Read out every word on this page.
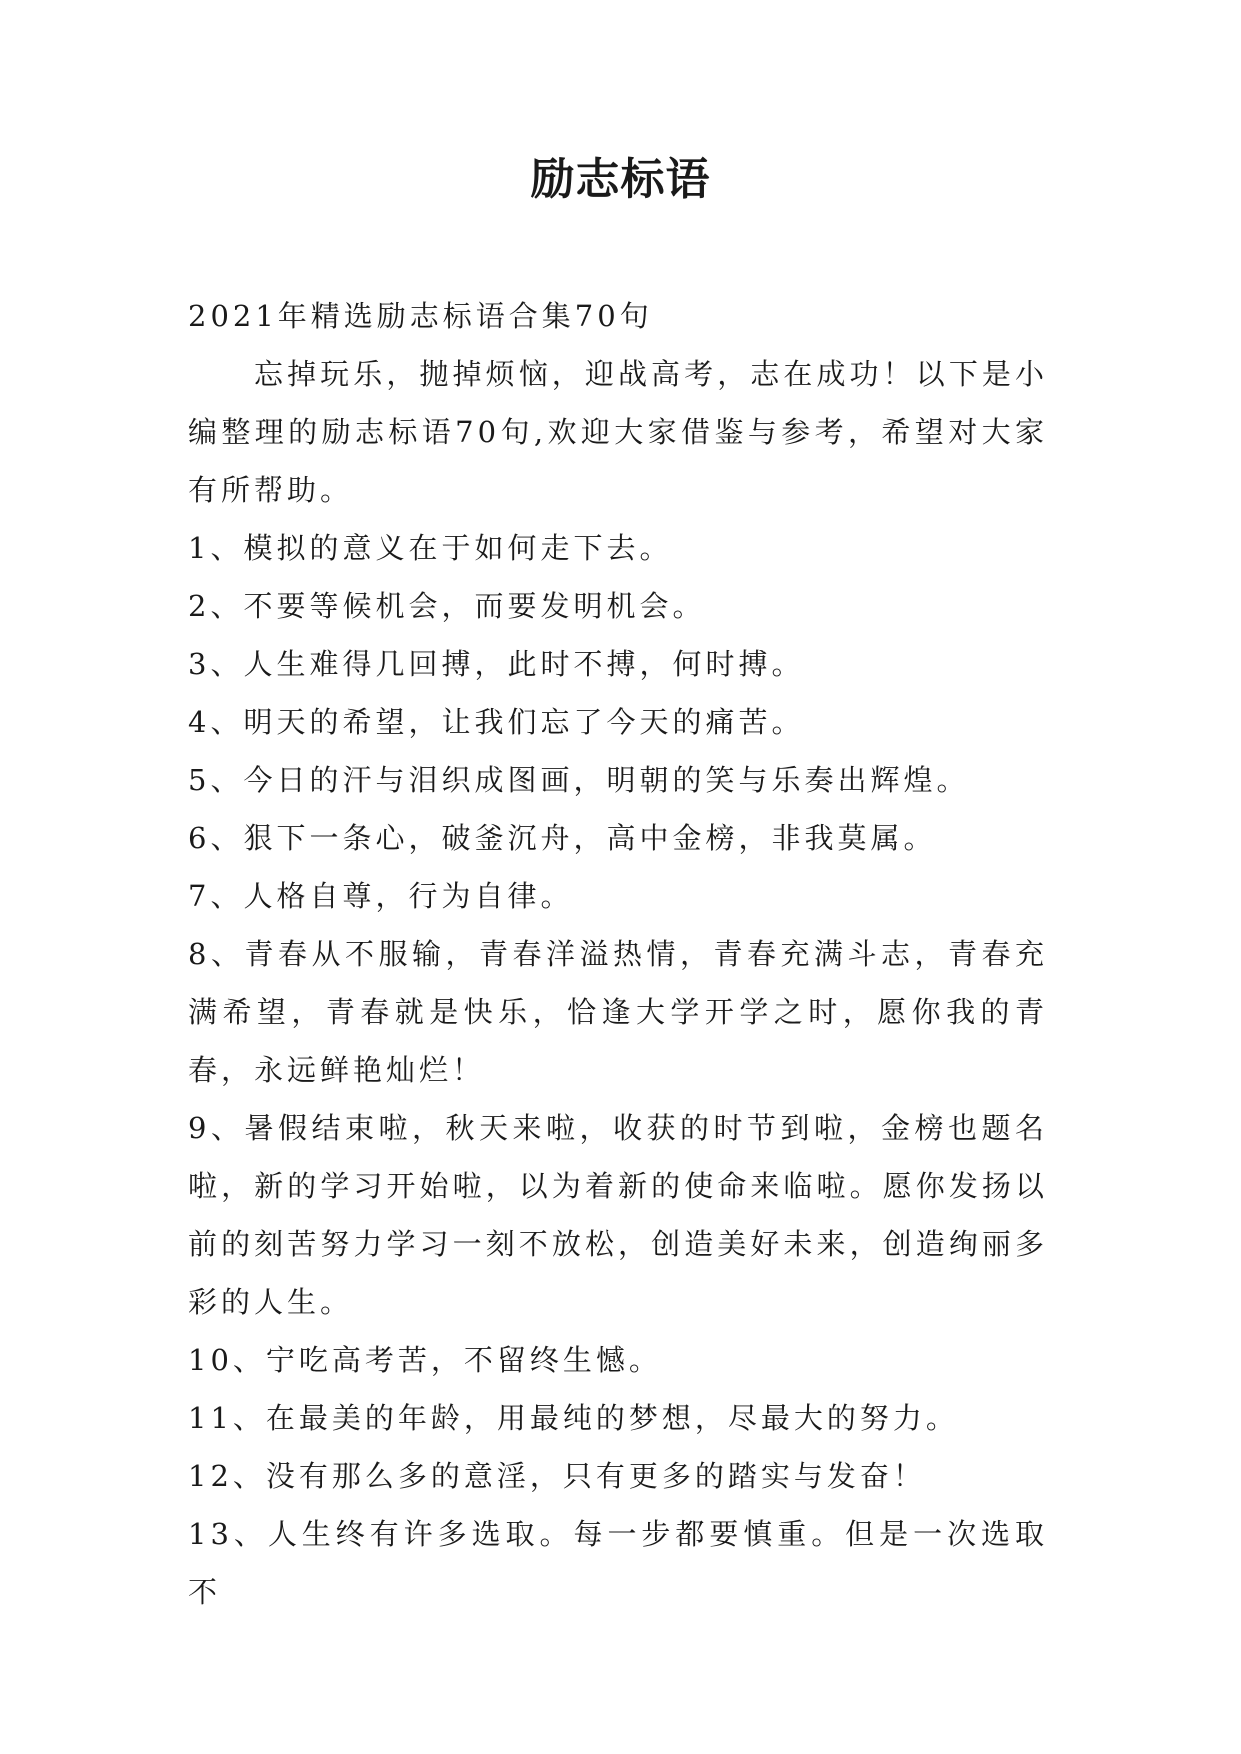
励志标语

2021年精选励志标语合集70句

忘掉玩乐，抛掉烦恼，迎战高考，志在成功！以下是小编整理的励志标语70句,欢迎大家借鉴与参考，希望对大家有所帮助。

1、模拟的意义在于如何走下去。

2、不要等候机会，而要发明机会。

3、人生难得几回搏，此时不搏，何时搏。

4、明天的希望，让我们忘了今天的痛苦。

5、今日的汗与泪织成图画，明朝的笑与乐奏出辉煌。

6、狠下一条心，破釜沉舟，高中金榜，非我莫属。

7、人格自尊，行为自律。

8、青春从不服输，青春洋溢热情，青春充满斗志，青春充满希望，青春就是快乐，恰逢大学开学之时，愿你我的青春，永远鲜艳灿烂！

9、暑假结束啦，秋天来啦，收获的时节到啦，金榜也题名啦，新的学习开始啦，以为着新的使命来临啦。愿你发扬以前的刻苦努力学习一刻不放松，创造美好未来，创造绚丽多彩的人生。

10、宁吃高考苦，不留终生憾。

11、在最美的年龄，用最纯的梦想，尽最大的努力。

12、没有那么多的意淫，只有更多的踏实与发奋！

13、人生终有许多选取。每一步都要慎重。但是一次选取不
